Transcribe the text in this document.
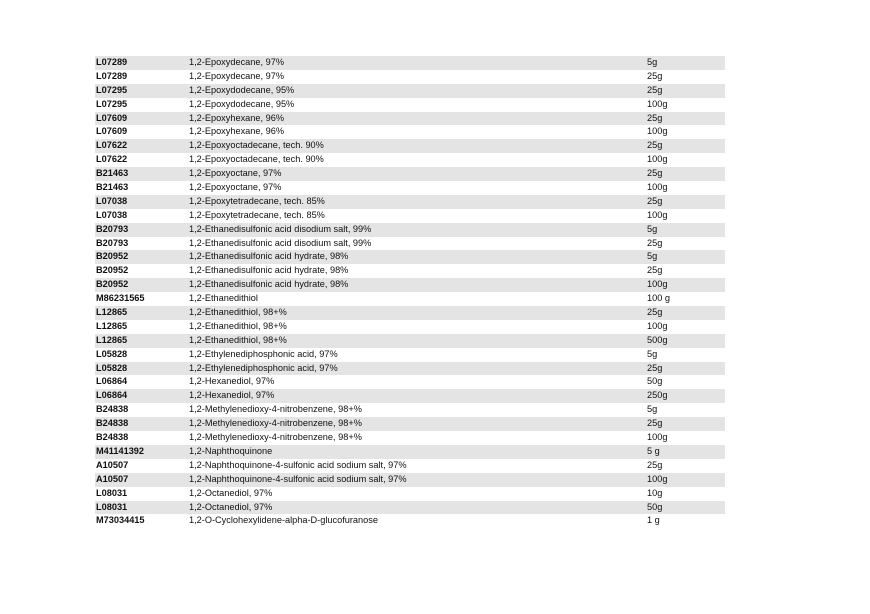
L07289	1,2-Epoxydecane, 97%	5g
L07289	1,2-Epoxydecane, 97%	25g
L07295	1,2-Epoxydodecane, 95%	25g
L07295	1,2-Epoxydodecane, 95%	100g
L07609	1,2-Epoxyhexane, 96%	25g
L07609	1,2-Epoxyhexane, 96%	100g
L07622	1,2-Epoxyoctadecane, tech. 90%	25g
L07622	1,2-Epoxyoctadecane, tech. 90%	100g
B21463	1,2-Epoxyoctane, 97%	25g
B21463	1,2-Epoxyoctane, 97%	100g
L07038	1,2-Epoxytetradecane, tech. 85%	25g
L07038	1,2-Epoxytetradecane, tech. 85%	100g
B20793	1,2-Ethanedisulfonic acid disodium salt, 99%	5g
B20793	1,2-Ethanedisulfonic acid disodium salt, 99%	25g
B20952	1,2-Ethanedisulfonic acid hydrate, 98%	5g
B20952	1,2-Ethanedisulfonic acid hydrate, 98%	25g
B20952	1,2-Ethanedisulfonic acid hydrate, 98%	100g
M86231565	1,2-Ethanedithiol	100 g
L12865	1,2-Ethanedithiol, 98+%	25g
L12865	1,2-Ethanedithiol, 98+%	100g
L12865	1,2-Ethanedithiol, 98+%	500g
L05828	1,2-Ethylenediphosphonic acid, 97%	5g
L05828	1,2-Ethylenediphosphonic acid, 97%	25g
L06864	1,2-Hexanediol, 97%	50g
L06864	1,2-Hexanediol, 97%	250g
B24838	1,2-Methylenedioxy-4-nitrobenzene, 98+%	5g
B24838	1,2-Methylenedioxy-4-nitrobenzene, 98+%	25g
B24838	1,2-Methylenedioxy-4-nitrobenzene, 98+%	100g
M41141392	1,2-Naphthoquinone	5 g
A10507	1,2-Naphthoquinone-4-sulfonic acid sodium salt, 97%	25g
A10507	1,2-Naphthoquinone-4-sulfonic acid sodium salt, 97%	100g
L08031	1,2-Octanediol, 97%	10g
L08031	1,2-Octanediol, 97%	50g
M73034415	1,2-O-Cyclohexylidene-alpha-D-glucofuranose	1 g
